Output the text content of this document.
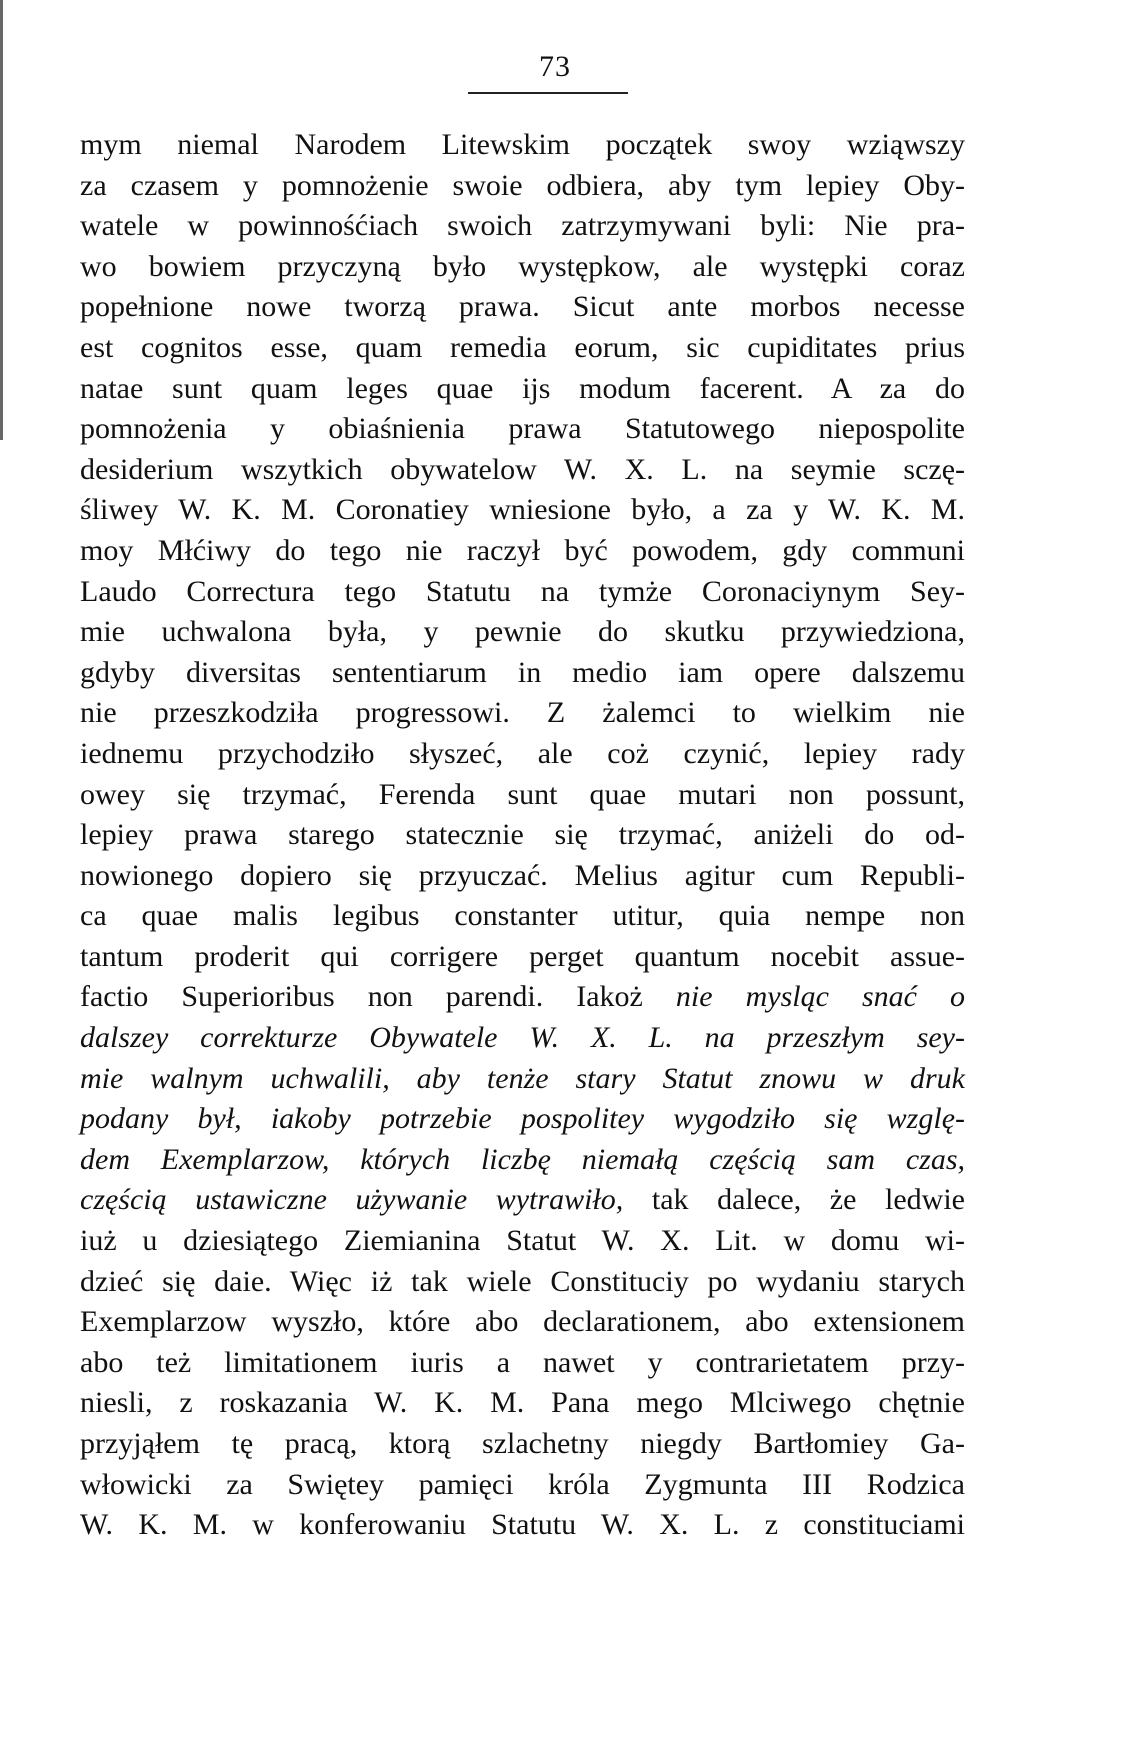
73
mym niemal Narodem Litewskim początek swoy wziąwszy
za czasem y pomnożenie swoie odbiera, aby tym lepiey Oby-
watele w powinnośćiach swoich zatrzymywani byli: Nie pra-
wo bowiem przyczyną było występkow, ale występki coraz
popełnione nowe tworzą prawa. Sicut ante morbos necesse
est cognitos esse, quam remedia eorum, sic cupiditates prius
natae sunt quam leges quae ijs modum facerent. A za do
pomnożenia y obiaśnienia prawa Statutowego niepospolite
desiderium wszytkich obywatelow W. X. L. na seymie sczę-
śliwey W. K. M. Coronatiey wniesione było, a za y W. K. M.
moy Młćiwy do tego nie raczył być powodem, gdy communi
Laudo Correctura tego Statutu na tymże Coronaciynym Sey-
mie uchwalona była, y pewnie do skutku przywiedziona,
gdyby diversitas sententiarum in medio iam opere dalszemu
nie przeszkodziła progressowi. Z żalemci to wielkim nie
iednemu przychodziło słyszeć, ale coż czynić, lepiey rady
owey się trzymać, Ferenda sunt quae mutari non possunt,
lepiey prawa starego statecznie się trzymać, aniżeli do od-
nowionego dopiero się przyuczać. Melius agitur cum Republi-
ca quae malis legibus constanter utitur, quia nempe non
tantum proderit qui corrigere perget quantum nocebit assue-
factio Superioribus non parendi. Iakoż nie mysląc snać o
dalszey correkturze Obywatele W. X. L. na przeszłym sey-
mie walnym uchwalili, aby tenże stary Statut znowu w druk
podany był, iakoby potrzebie pospolitey wygodziło się wzglę-
dem Exemplarzow, których liczbę niemałą częścią sam czas,
częścią ustawiczne używanie wytrawiło, tak dalece, że ledwie
iuż u dziesiątego Ziemianina Statut W. X. Lit. w domu wi-
dzieć się daie. Więc iż tak wiele Constituciy po wydaniu starych
Exemplarzow wyszło, które abo declarationem, abo extensionem
abo też limitationem iuris a nawet y contrarietatem przy-
niesli, z roskazania W. K. M. Pana mego Mlciwego chętnie
przyjąłem tę pracą, ktorą szlachetny niegdy Bartłomiey Ga-
włowicki za Swiętey pamięci króla Zygmunta III Rodzica
W. K. M. w konferowaniu Statutu W. X. L. z constituciami
